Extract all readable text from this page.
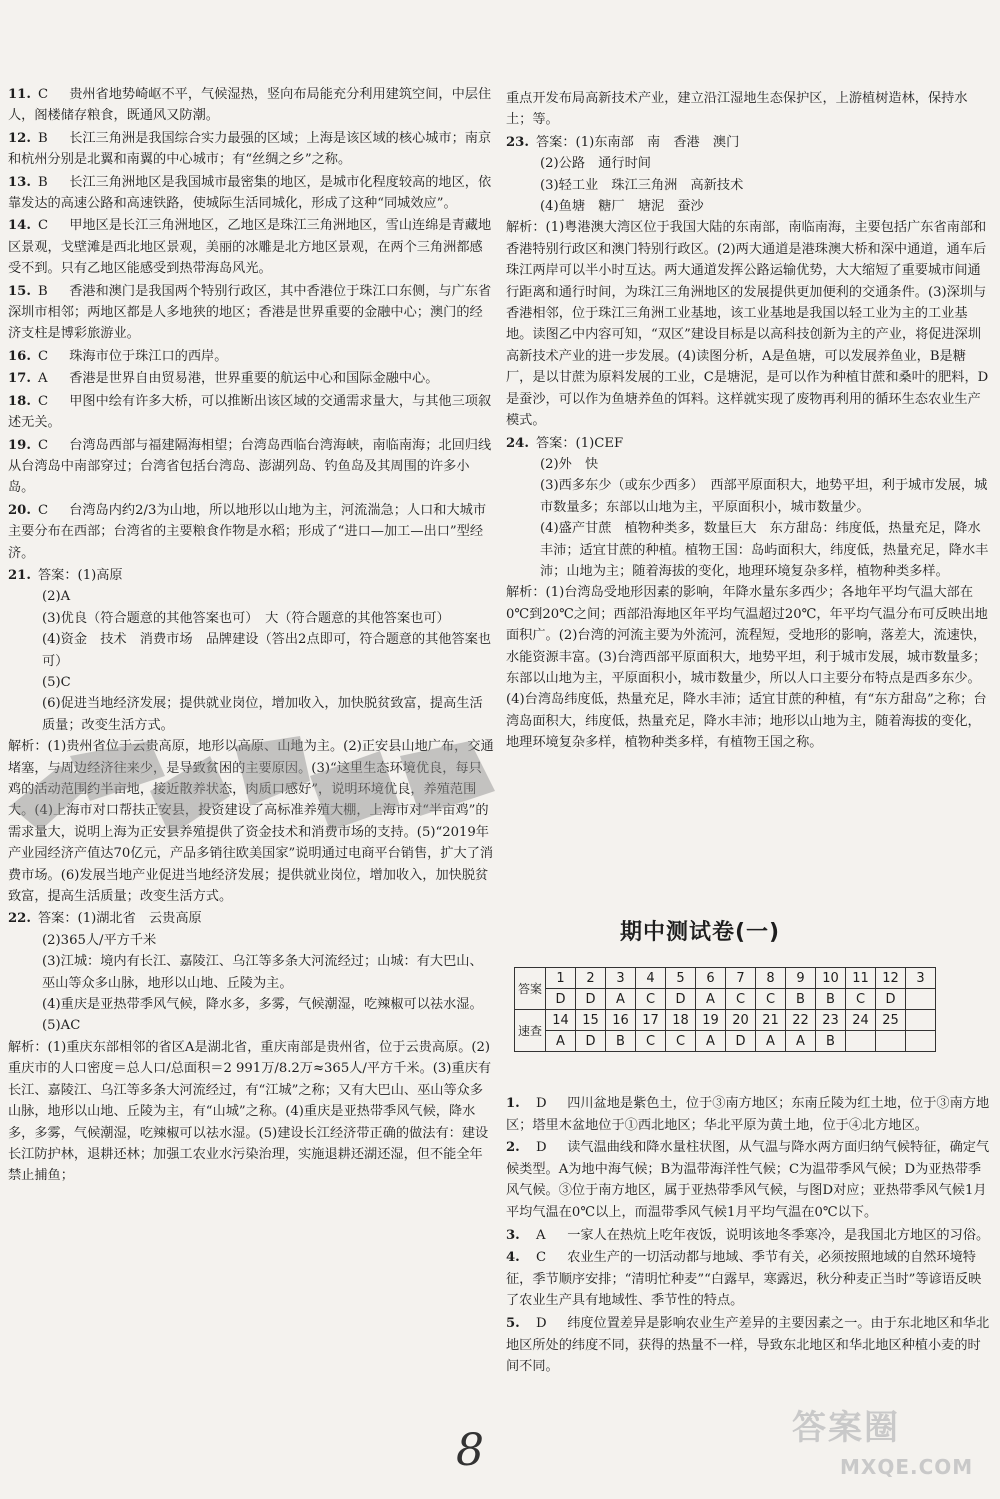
11. C　 贵州省地势崎岖不平，气候湿热，竖向布局能充分利用建筑空间，中层住人，阁楼储存粮食，既通风又防潮。
12. B　 长江三角洲是我国综合实力最强的区域；上海是该区域的核心城市；南京和杭州分别是北翼和南翼的中心城市；有“丝绸之乡”之称。
13. B　 长江三角洲地区是我国城市最密集的地区，是城市化程度较高的地区，依靠发达的高速公路和高速铁路，使城际生活同城化，形成了这种“同城效应”。
14. C　 甲地区是长江三角洲地区，乙地区是珠江三角洲地区，雪山连绵是青藏地区景观，戈壁滩是西北地区景观，美丽的冰雕是北方地区景观，在两个三角洲都感受不到。只有乙地区能感受到热带海岛风光。
15. B　 香港和澳门是我国两个特别行政区，其中香港位于珠江口东侧，与广东省深圳市相邻；两地区都是人多地狭的地区；香港是世界重要的金融中心；澳门的经济支柱是博彩旅游业。
16. C　 珠海市位于珠江口的西岸。
17. A　 香港是世界自由贸易港，世界重要的航运中心和国际金融中心。
18. C　 甲图中绘有许多大桥，可以推断出该区域的交通需求量大，与其他三项叙述无关。
19. C　 台湾岛西部与福建隔海相望；台湾岛西临台湾海峡，南临南海；北回归线从台湾岛中南部穿过；台湾省包括台湾岛、澎湖列岛、钓鱼岛及其周围的许多小岛。
20. C　 台湾岛内约2/3为山地，所以地形以山地为主，河流湍急；人口和大城市主要分布在西部；台湾省的主要粮食作物是水稻；形成了“进口—加工—出口”型经济。
21. 答案：(1)高原
(2)A
(3)优良（符合题意的其他答案也可）　大（符合题意的其他答案也可）
(4)资金　技术　消费市场　品牌建设（答出2点即可，符合题意的其他答案也可）
(5)C
(6)促进当地经济发展；提供就业岗位，增加收入，加快脱贫致富，提高生活质量；改变生活方式。
解析：(1)贵州省位于云贵高原，地形以高原、山地为主。(2)正安县山地广布，交通堵塞，与周边经济往来少，是导致贫困的主要原因。(3)“这里生态环境优良，每只鸡的活动范围约半亩地，接近散养状态，肉质口感好”，说明环境优良，养殖范围大。(4)上海市对口帮扶正安县，投资建设了高标准养殖大棚，上海市对“半亩鸡”的需求量大，说明上海为正安县养殖提供了资金技术和消费市场的支持。(5)“2019年产业园经济产值达70亿元，产品多销往欧美国家”说明通过电商平台销售，扩大了消费市场。(6)发展当地产业促进当地经济发展；提供就业岗位，增加收入，加快脱贫致富，提高生活质量；改变生活方式。
22. 答案：(1)湖北省　云贵高原
(2)365人/平方千米
(3)江城：境内有长江、嘉陵江、乌江等多条大河流经过；山城：有大巴山、巫山等众多山脉，地形以山地、丘陵为主。
(4)重庆是亚热带季风气候，降水多，多雾，气候潮湿，吃辣椒可以祛水湿。
(5)AC
解析：(1)重庆东部相邻的省区A是湖北省，重庆南部是贵州省，位于云贵高原。(2)重庆市的人口密度＝总人口/总面积＝2 991万/8.2万≈365人/平方千米。(3)重庆有长江、嘉陵江、乌江等多条大河流经过，有“江城”之称；又有大巴山、巫山等众多山脉，地形以山地、丘陵为主，有“山城”之称。(4)重庆是亚热带季风气候，降水多，多雾，气候潮湿，吃辣椒可以祛水湿。(5)建设长江经济带正确的做法有：建设长江防护林，退耕还林；加强工农业水污染治理，实施退耕还湖还湿，但不能全年禁止捕鱼；
重点开发布局高新技术产业，建立沿江湿地生态保护区，上游植树造林，保持水土；等。
23. 答案：(1)东南部　南　香港　澳门
(2)公路　通行时间
(3)轻工业　珠江三角洲　高新技术
(4)鱼塘　糖厂　塘泥　蚕沙
解析：(1)粤港澳大湾区位于我国大陆的东南部，南临南海，主要包括广东省南部和香港特别行政区和澳门特别行政区。(2)两大通道是港珠澳大桥和深中通道，通车后珠江两岸可以半小时互达。两大通道发挥公路运输优势，大大缩短了重要城市间通行距离和通行时间，为珠江三角洲地区的发展提供更加便利的交通条件。(3)深圳与香港相邻，位于珠江三角洲工业基地，该工业基地是我国以轻工业为主的工业基地。读图乙中内容可知，“双区”建设目标是以高科技创新为主的产业，将促进深圳高新技术产业的进一步发展。(4)读图分析，A是鱼塘，可以发展养鱼业，B是糖厂，是以甘蔗为原料发展的工业，C是塘泥，是可以作为种植甘蔗和桑叶的肥料，D是蚕沙，可以作为鱼塘养鱼的饵料。这样就实现了废物再利用的循环生态农业生产模式。
24. 答案：(1)CEF
(2)外　快
(3)西多东少（或东少西多）　西部平原面积大，地势平坦，利于城市发展，城市数量多；东部以山地为主，平原面积小，城市数量少。
(4)盛产甘蔗　植物种类多，数量巨大　东方甜岛：纬度低，热量充足，降水丰沛；适宜甘蔗的种植。植物王国：岛屿面积大，纬度低，热量充足，降水丰沛；山地为主；随着海拔的变化，地理环境复杂多样，植物种类多样。
解析：(1)台湾岛受地形因素的影响，年降水量东多西少；各地年平均气温大部在0℃到20℃之间；西部沿海地区年平均气温超过20℃，年平均气温分布可反映出地面积广。(2)台湾的河流主要为外流河，流程短，受地形的影响，落差大，流速快，水能资源丰富。(3)台湾西部平原面积大，地势平坦，利于城市发展，城市数量多；东部以山地为主，平原面积小，城市数量少，所以人口主要分布特点是西多东少。(4)台湾岛纬度低，热量充足，降水丰沛；适宜甘蔗的种植，有“东方甜岛”之称；台湾岛面积大，纬度低，热量充足，降水丰沛；地形以山地为主，随着海拔的变化，地理环境复杂多样，植物种类多样，有植物王国之称。
期中测试卷(一)
答案	1	2	3	4	5	6	7	8	9	10	11	12	3
	D	D	A	C	D	A	C	C	B	B	C	D	
速查	14	15	16	17	18	19	20	21	22	23	24	25	
	A	D	B	C	C	A	D	A	A	B			
1. D　 四川盆地是紫色土，位于③南方地区；东南丘陵为红土地，位于③南方地区；塔里木盆地位于①西北地区；华北平原为黄土地，位于④北方地区。
2. D　 读气温曲线和降水量柱状图，从气温与降水两方面归纳气候特征，确定气候类型。A为地中海气候；B为温带海洋性气候；C为温带季风气候；D为亚热带季风气候。③位于南方地区，属于亚热带季风气候，与图D对应；亚热带季风气候1月平均气温在0℃以上，而温带季风气候1月平均气温在0℃以下。
3. A　 一家人在热炕上吃年夜饭，说明该地冬季寒冷，是我国北方地区的习俗。
4. C　 农业生产的一切活动都与地域、季节有关，必须按照地域的自然环境特征，季节顺序安排；“清明忙种麦”“白露早，寒露迟，秋分种麦正当时”等谚语反映了农业生产具有地域性、季节性的特点。
5. D　 纬度位置差异是影响农业生产差异的主要因素之一。由于东北地区和华北地区所处的纬度不同，获得的热量不一样，导致东北地区和华北地区种植小麦的时间不同。
8	答案圈
MXQE.COM
